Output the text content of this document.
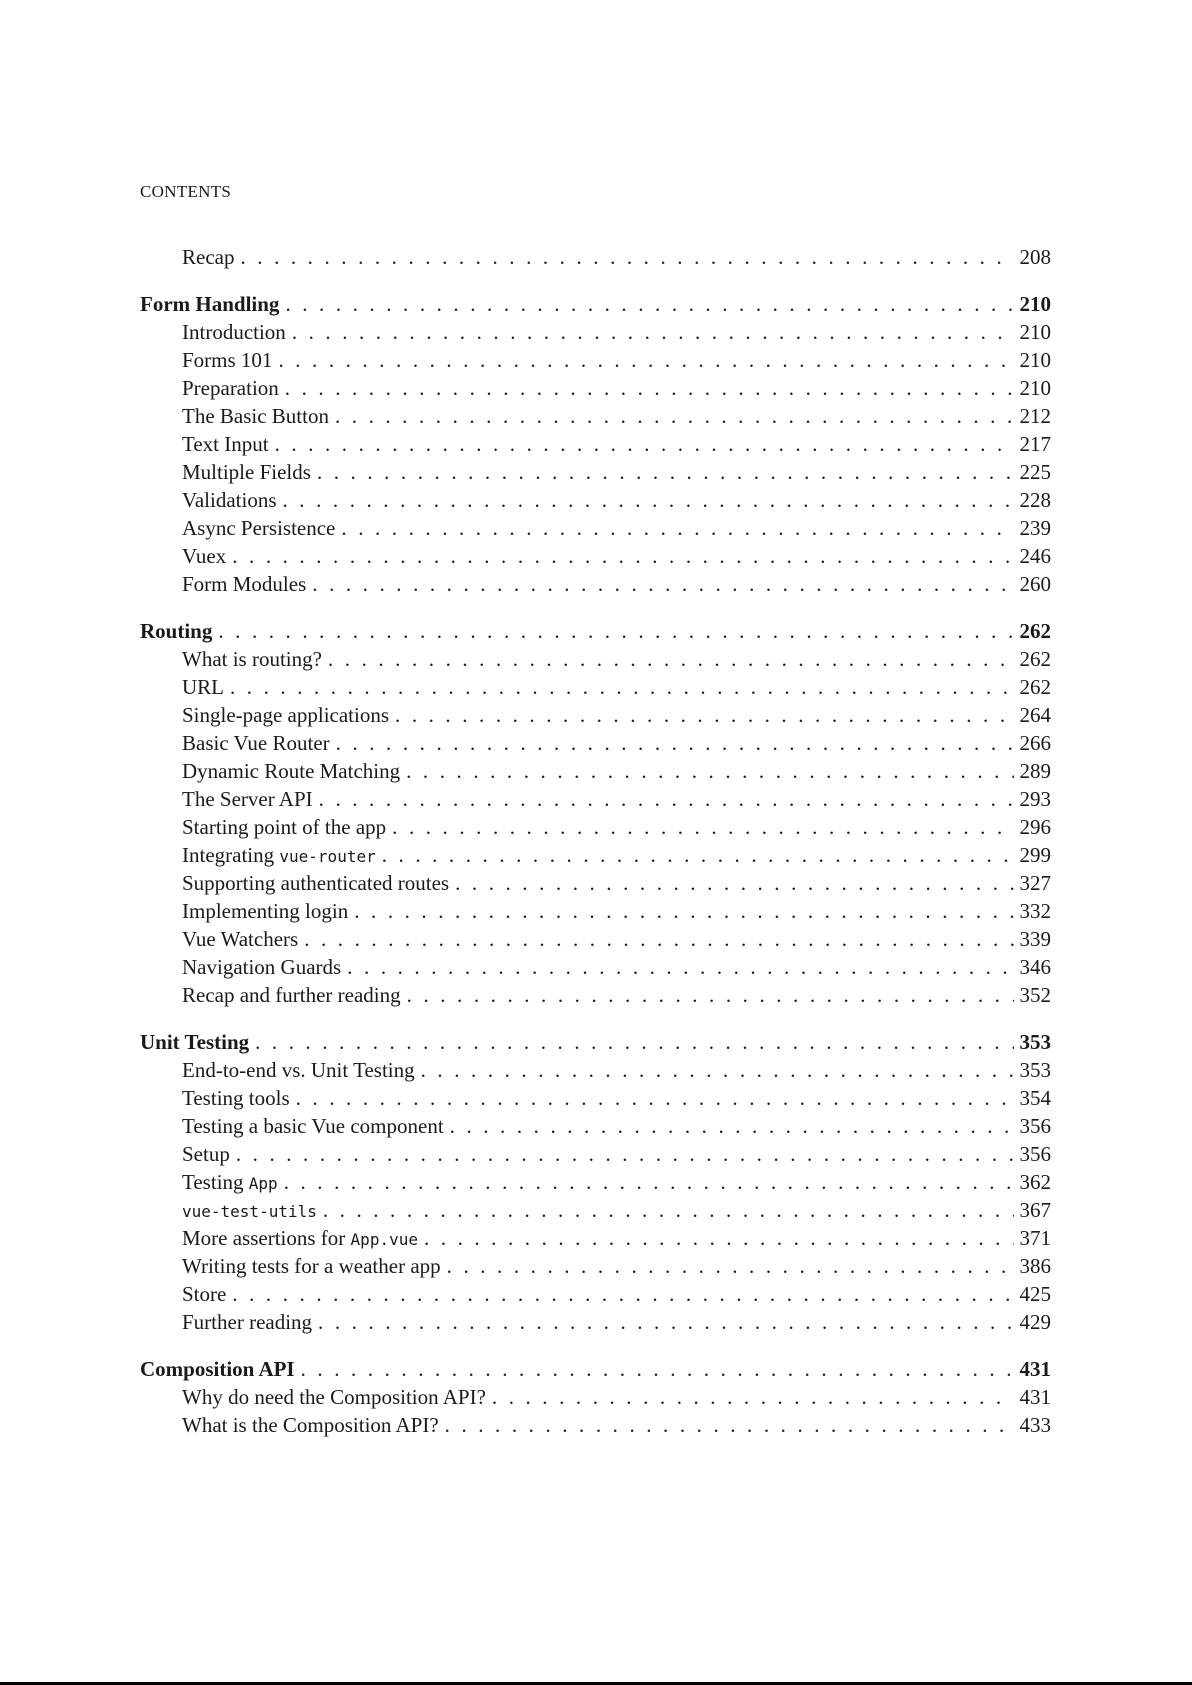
CONTENTS
Recap . . .	208
Form Handling . . .	210
Introduction . . .	210
Forms 101 . . .	210
Preparation . . .	210
The Basic Button . . .	212
Text Input . . .	217
Multiple Fields . . .	225
Validations . . .	228
Async Persistence . . .	239
Vuex . . .	246
Form Modules . . .	260
Routing . . .	262
What is routing? . . .	262
URL . . .	262
Single-page applications . . .	264
Basic Vue Router . . .	266
Dynamic Route Matching . . .	289
The Server API . . .	293
Starting point of the app . . .	296
Integrating vue-router . . .	299
Supporting authenticated routes . . .	327
Implementing login . . .	332
Vue Watchers . . .	339
Navigation Guards . . .	346
Recap and further reading . . .	352
Unit Testing . . .	353
End-to-end vs. Unit Testing . . .	353
Testing tools . . .	354
Testing a basic Vue component . . .	356
Setup . . .	356
Testing App . . .	362
vue-test-utils . . .	367
More assertions for App.vue . . .	371
Writing tests for a weather app . . .	386
Store . . .	425
Further reading . . .	429
Composition API . . .	431
Why do need the Composition API? . . .	431
What is the Composition API? . . .	433
